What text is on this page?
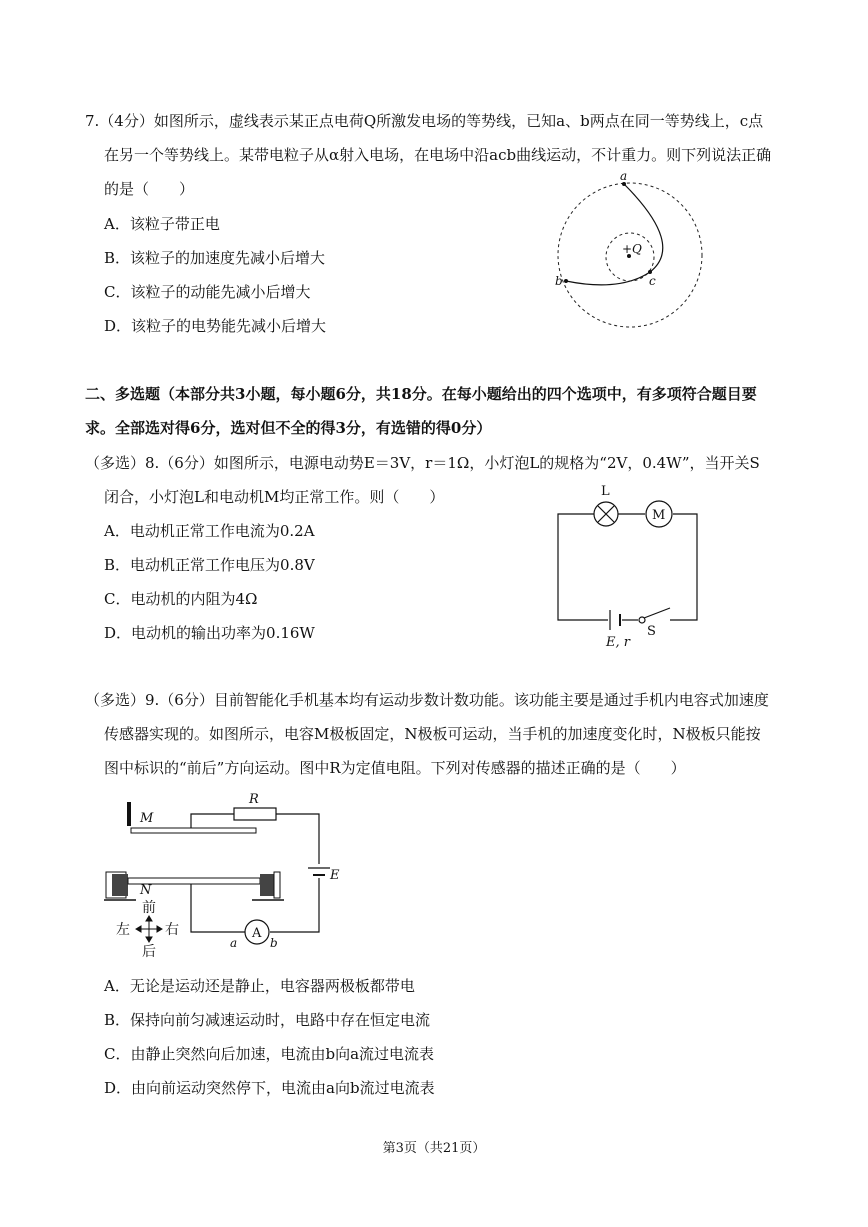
7.（4分）如图所示，虚线表示某正点电荷Q所激发电场的等势线，已知a、b两点在同一等势线上，c点
在另一个等势线上。某带电粒子从α射入电场，在电场中沿acb曲线运动，不计重力。则下列说法正确
的是（　　）
A．该粒子带正电
B．该粒子的加速度先减小后增大
C．该粒子的动能先减小后增大
D．该粒子的电势能先减小后增大
+Q
a
c
b
二、多选题（本部分共3小题，每小题6分，共18分。在每小题给出的四个选项中，有多项符合题目要
求。全部选对得6分，选对但不全的得3分，有选错的得0分）
（多选）8.（6分）如图所示，电源电动势E＝3V，r＝1Ω，小灯泡L的规格为“2V，0.4W”，当开关S
闭合，小灯泡L和电动机M均正常工作。则（　　）
A．电动机正常工作电流为0.2A
B．电动机正常工作电压为0.8V
C．电动机的内阻为4Ω
D．电动机的输出功率为0.16W
L
M
E, r
S
（多选）9.（6分）目前智能化手机基本均有运动步数计数功能。该功能主要是通过手机内电容式加速度
传感器实现的。如图所示，电容M极板固定，N极板可运动，当手机的加速度变化时，N极板只能按
图中标识的“前后”方向运动。图中R为定值电阻。下列对传感器的描述正确的是（　　）
M
R
E
N
A
a	b
前
左	右
后
A．无论是运动还是静止，电容器两极板都带电
B．保持向前匀减速运动时，电路中存在恒定电流
C．由静止突然向后加速，电流由b向a流过电流表
D．由向前运动突然停下，电流由a向b流过电流表
第3页（共21页）
